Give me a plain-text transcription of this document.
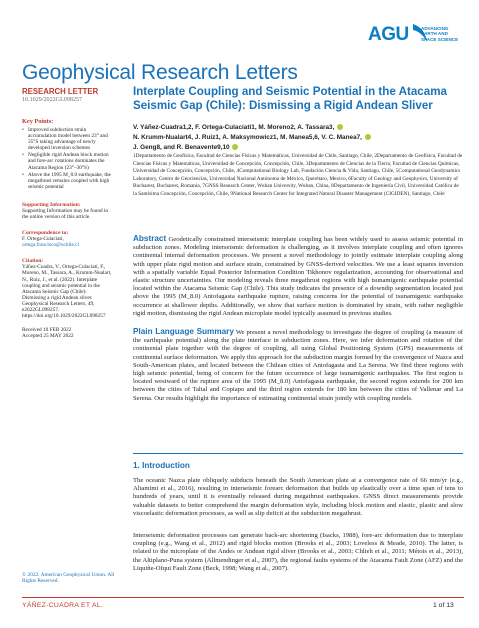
AGU	ADVANCING
EARTH AND
SPACE SCIENCE
Geophysical Research Letters
RESEARCH LETTER
10.1029/2022GL098257
Key Points:
• Improved subduction strain accumulation model between 23° and 35°S taking advantage of newly developed inversion schemes
• Negligible rigid Andean block motion and fore-arc rotations dominates the Atacama Region (23°–30°S)
• Above the 1995 M_8.0 earthquake, the megathrust remains coupled with high seismic potential
Supporting Information:
Supporting Information may be found in the online version of this article.
Correspondence to:
F. Ortega-Culaciati,
ortega.francisco@uchile.cl
Citation:
Yáñez-Cuadra, V., Ortega-Culaciati, F., Moreno, M., Tassara, A., Krumm-Nualart, N., Ruiz, J., et al. (2022). Interplate coupling and seismic potential in the Atacama Seismic Gap (Chile): Dismissing a rigid Andean sliver. Geophysical Research Letters, 49, e2022GL098257. https://doi.org/10.1029/2022GL098257
Received 10 FEB 2022
Accepted 25 MAY 2022
© 2022. American Geophysical Union. All Rights Reserved.
Interplate Coupling and Seismic Potential in the Atacama Seismic Gap (Chile): Dismissing a Rigid Andean Sliver
V. Yáñez-Cuadra1,2, F. Ortega-Culaciati1, M. Moreno2, A. Tassara3,
N. Krumm-Nualart4, J. Ruiz1, A. Maksymowicz1, M. Manea5,6, V. C. Manea7,
J. Geng8, and R. Benavente9,10
1Departamento de Geofísica, Facultad de Ciencias Físicas y Matemáticas, Universidad de Chile, Santiago, Chile, 2Departamento de Geofísica, Facultad de Ciencias Físicas y Matemáticas, Universidad de Concepción, Concepción, Chile, 3Departamento de Ciencias de la Tierra, Facultad de Ciencias Químicas, Universidad de Concepción, Concepción, Chile, 4Computational Biology Lab, Fundación Ciencia & Vida, Santiago, Chile, 5Computational Geodynamics Laboratory, Centro de Geociencias, Universidad Nacional Autónoma de México, Querétaro, Mexico, 6Faculty of Geology and Geophysics, University of Bucharest, Bucharest, Romania, 7GNSS Research Center, Wuhan University, Wuhan, China, 8Departamento de Ingeniería Civil, Universidad Católica de la Santísima Concepción, Concepción, Chile, 9National Research Center for Integrated Natural Disaster Management (CIGIDEN), Santiago, Chile
Abstract Geodetically constrained interseismic interplate coupling has been widely used to assess seismic potential in subduction zones. Modeling interseismic deformation is challenging, as it involves interplate coupling and often ignores continental internal deformation processes. We present a novel methodology to jointly estimate interplate coupling along with upper plate rigid motion and surface strain, constrained by GNSS-derived velocities. We use a least squares inversion with a spatially variable Equal Posterior Information Condition Tikhonov regularization, accounting for observational and elastic structure uncertainties. Our modeling reveals three megathrust regions with high tsunamigenic earthquake potential located within the Atacama Seismic Gap (Chile). This study indicates the presence of a downdip segmentation located just above the 1995 (M_8.0) Antofagasta earthquake rupture, raising concerns for the potential of tsunamigenic earthquake occurrence at shallower depths. Additionally, we show that surface motion is dominated by strain, with rather negligible rigid motion, dismissing the rigid Andean microplate model typically assumed in previous studies.
Plain Language Summary We present a novel methodology to investigate the degree of coupling (a measure of the earthquake potential) along the plate interface in subduction zones. Here, we infer deformation and rotation of the continental plate together with the degree of coupling, all using Global Positioning System (GPS) measurements of continental surface deformation. We apply this approach for the subduction margin formed by the convergence of Nazca and South-American plates, and located between the Chilean cities of Antofagasta and La Serena. We find three regions with high seismic potential, being of concern for the future occurrence of large tsunamigenic earthquakes. The first region is located westward of the rupture area of the 1995 (M_8.0) Antofagasta earthquake, the second region extends for 200 km between the cities of Taltal and Copiapo and the third region extends for 180 km between the cities of Vallenar and La Serena. Our results highlight the importance of estimating continental strain jointly with coupling models.
1. Introduction
The oceanic Nazca plate obliquely subducts beneath the South American plate at a convergence rate of 66 mm/yr (e.g., Altamimi et al., 2016), resulting in interseismic forearc deformation that builds up elastically over a time span of tens to hundreds of years, until it is eventually released during megathrust earthquakes. GNSS direct measurements provide valuable datasets to better comprehend the margin deformation style, including block motion and elastic, plastic and slow viscoelastic deformation processes, as well as slip deficit at the subduction megathrust.
Interseismic deformation processes can generate back-arc shortening (Isacks, 1988), fore-arc deformation due to interplate coupling (e.g., Wang et al., 2012) and rigid blocks motion (Brooks et al., 2003; Loveless & Meade, 2010). The latter, is related to the microplate of the Andes or Andean rigid sliver (Brooks et al., 2003; Chlieh et al., 2011; Métois et al., 2013), the Altiplano-Puna system (Allmendinger et al., 2007), the regional faults systems of the Atacama Fault Zone (AFZ) and the Liquiñe-Ofqui Fault Zone (Beck, 1998; Wang et al., 2007).
YÁÑEZ-CUADRA ET AL.	1 of 13
